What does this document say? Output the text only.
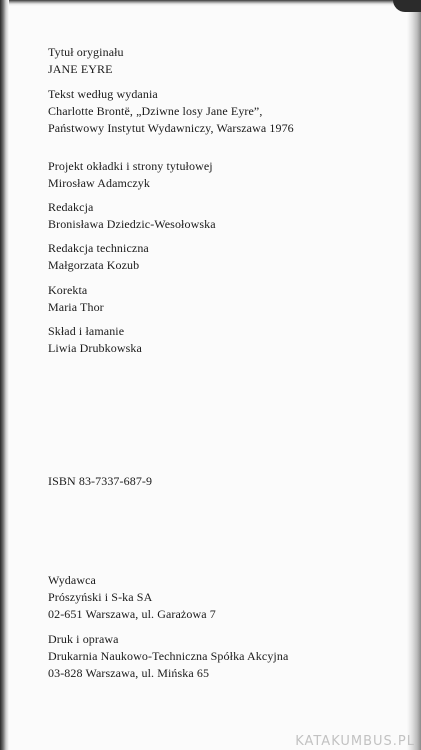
Tytuł oryginału
JANE EYRE
Tekst według wydania
Charlotte Brontë, „Dziwne losy Jane Eyre”,
Państwowy Instytut Wydawniczy, Warszawa 1976
Projekt okładki i strony tytułowej
Mirosław Adamczyk
Redakcja
Bronisława Dziedzic-Wesołowska
Redakcja techniczna
Małgorzata Kozub
Korekta
Maria Thor
Skład i łamanie
Liwia Drubkowska
ISBN 83-7337-687-9
Wydawca
Prószyński i S-ka SA
02-651 Warszawa, ul. Garażowa 7
Druk i oprawa
Drukarnia Naukowo-Techniczna Spółka Akcyjna
03-828 Warszawa, ul. Mińska 65
KATAKUMBUS.PL
